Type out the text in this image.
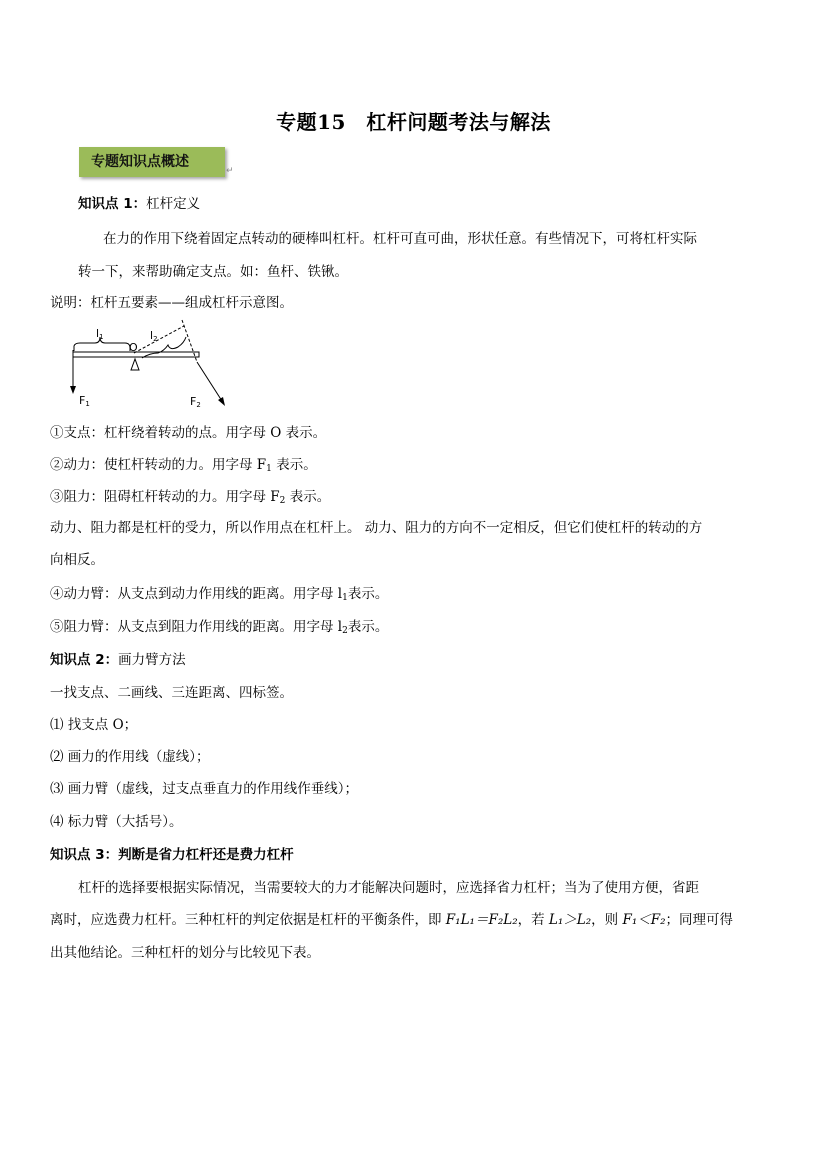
专题15　杠杆问题考法与解法
专题知识点概述
↵
知识点 1：杠杆定义
在力的作用下绕着固定点转动的硬棒叫杠杆。杠杆可直可曲，形状任意。有些情况下，可将杠杆实际
转一下，来帮助确定支点。如：鱼杆、铁锹。
说明：杠杆五要素——组成杠杆示意图。
l1	l2
O
F1	F2
①支点：杠杆绕着转动的点。用字母 O 表示。
②动力：使杠杆转动的力。用字母 $F_1$ 表示。
③阻力：阻碍杠杆转动的力。用字母 $F_2$ 表示。
动力、阻力都是杠杆的受力，所以作用点在杠杆上。 动力、阻力的方向不一定相反，但它们使杠杆的转动的方
向相反。
④动力臂：从支点到动力作用线的距离。用字母 $l_1$表示。
⑤阻力臂：从支点到阻力作用线的距离。用字母 $l_2$表示。
知识点 2：画力臂方法
一找支点、二画线、三连距离、四标签。
⑴ 找支点 O；
⑵ 画力的作用线（虚线）；
⑶ 画力臂（虚线，过支点垂直力的作用线作垂线）；
⑷ 标力臂（大括号）。
知识点 3：判断是省力杠杆还是费力杠杆
杠杆的选择要根据实际情况，当需要较大的力才能解决问题时，应选择省力杠杆；当为了使用方便，省距
离时，应选费力杠杆。三种杠杆的判定依据是杠杆的平衡条件，即 F₁L₁＝F₂L₂，若 L₁＞L₂，则 F₁＜F₂；同理可得
出其他结论。三种杠杆的划分与比较见下表。
